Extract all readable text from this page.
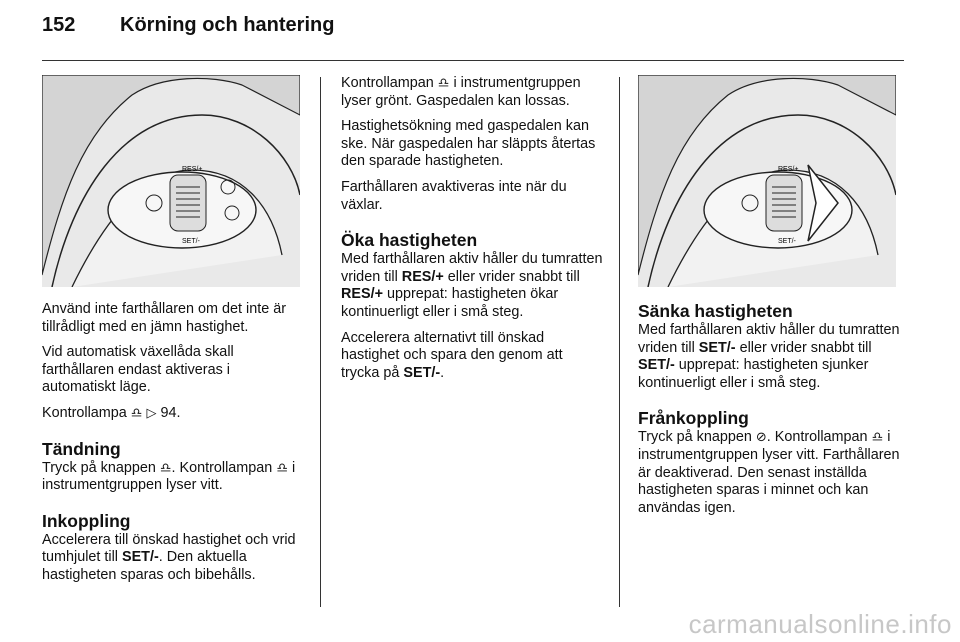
152	Körning och hantering
RES/+
SET/-

Använd inte farthållaren om det inte är tillrådligt med en jämn hastighet.

Vid automatisk växellåda skall farthållaren endast aktiveras i automatiskt läge.

Kontrollampa ♎ ▷ 94.

Tändning

Tryck på knappen ♎. Kontrollampan ♎ i instrumentgruppen lyser vitt.

Inkoppling

Accelerera till önskad hastighet och vrid tumhjulet till SET/-. Den aktuella hastigheten sparas och bibehålls.

Kontrollampan ♎ i instrumentgruppen lyser grönt. Gaspedalen kan lossas.

Hastighetsökning med gaspedalen kan ske. När gaspedalen har släppts återtas den sparade hastigheten.

Farthållaren avaktiveras inte när du växlar.

Öka hastigheten

Med farthållaren aktiv håller du tumratten vriden till RES/+ eller vrider snabbt till RES/+ upprepat: hastigheten ökar kontinuerligt eller i små steg.

Accelerera alternativt till önskad hastighet och spara den genom att trycka på SET/-.

RES/+
SET/-
Sänka hastigheten

Med farthållaren aktiv håller du tumratten vriden till SET/- eller vrider snabbt till SET/- upprepat: hastigheten sjunker kontinuerligt eller i små steg.

Frånkoppling

Tryck på knappen ⊘. Kontrollampan ♎ i instrumentgruppen lyser vitt. Farthållaren är deaktiverad. Den senast inställda hastigheten sparas i minnet och kan användas igen.

carmanualsonline.info
